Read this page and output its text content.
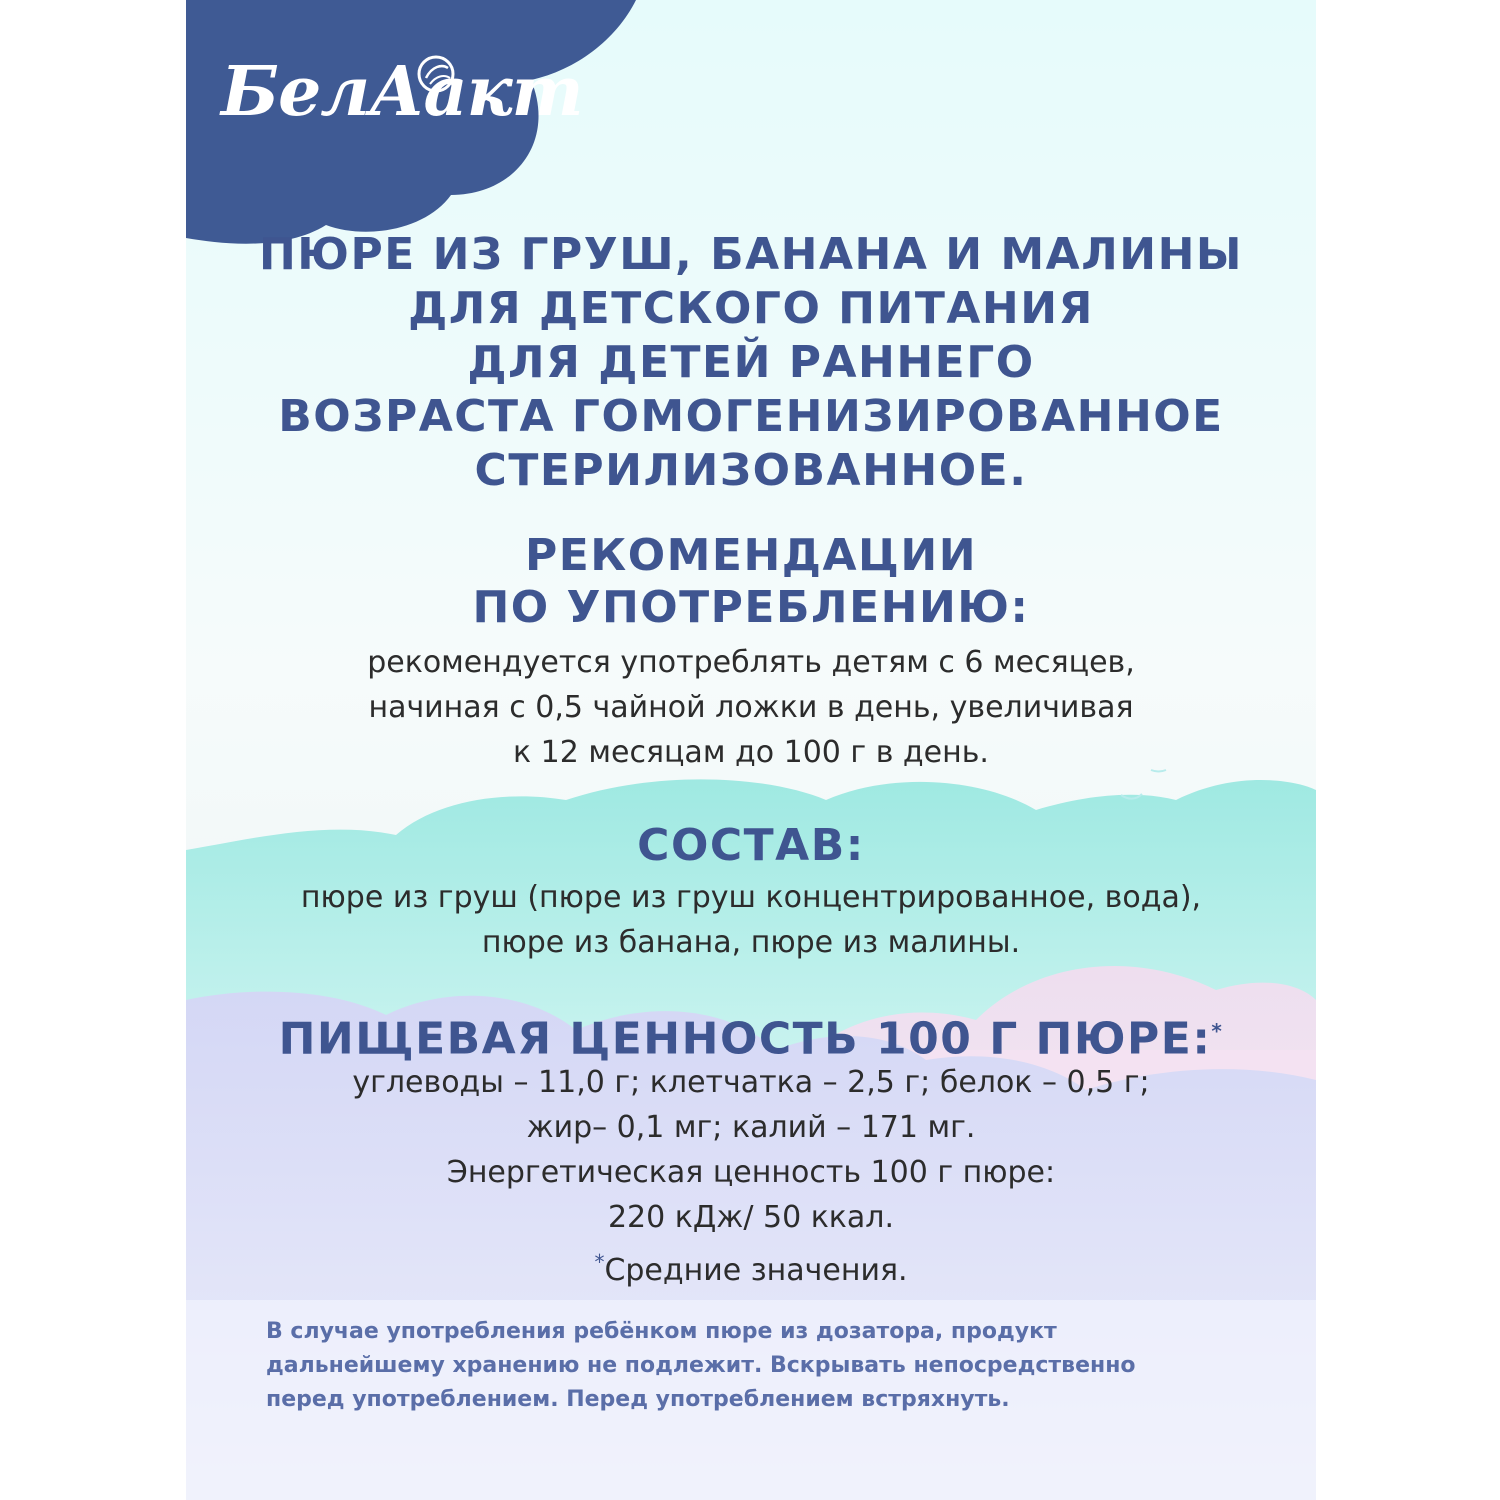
БелАакт
ПЮРЕ ИЗ ГРУШ, БАНАНА И МАЛИНЫ
ДЛЯ ДЕТСКОГО ПИТАНИЯ
ДЛЯ ДЕТЕЙ РАННЕГО
ВОЗРАСТА ГОМОГЕНИЗИРОВАННОЕ
СТЕРИЛИЗОВАННОЕ.
РЕКОМЕНДАЦИИ
ПО УПОТРЕБЛЕНИЮ:

рекомендуется употреблять детям с 6 месяцев,
начиная с 0,5 чайной ложки в день, увеличивая
к 12 месяцам до 100 г в день.

СОСТАВ:

пюре из груш (пюре из груш концентрированное, вода),
пюре из банана, пюре из малины.

ПИЩЕВАЯ ЦЕННОСТЬ 100 Г ПЮРЕ:*

углеводы – 11,0 г; клетчатка – 2,5 г; белок – 0,5 г;
жир– 0,1 мг; калий – 171 мг.
Энергетическая ценность 100 г пюре:
220 кДж/ 50 ккал.
*Средние значения.

В случае употребления ребёнком пюре из дозатора, продукт
дальнейшему хранению не подлежит. Вскрывать непосредственно
перед употреблением. Перед употреблением встряхнуть.
